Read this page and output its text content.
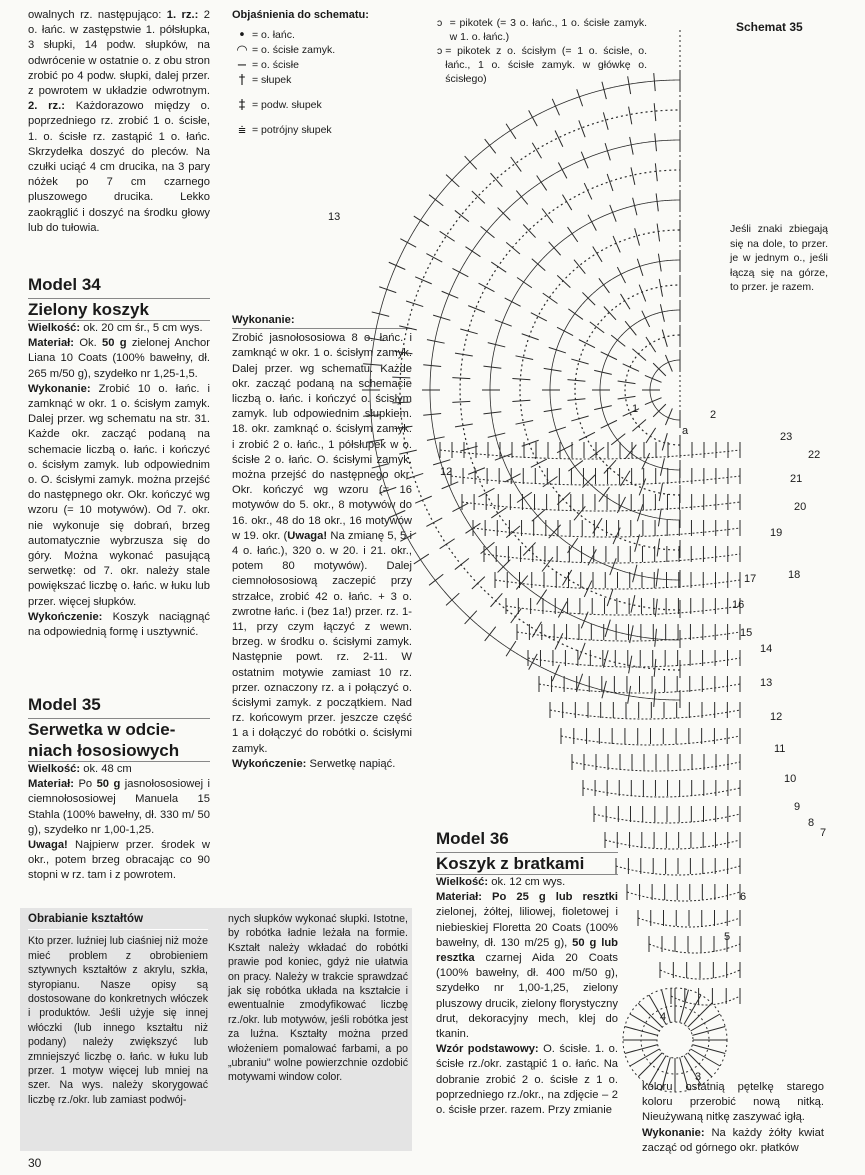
owalnych rz. następująco: 1. rz.: 2 o. łańc. w zastępstwie 1. półsłupka, 3 słupki, 14 podw. słupków, na odwrócenie w ostatnie o. z obu stron zrobić po 4 podw. słupki, dalej przer. z powrotem w układzie odwrotnym. 2. rz.: Każdorazowo między o. poprzedniego rz. zrobić 1 o. ścisłe, 1. o. ścisłe rz. zastąpić 1 o. łańc. Skrzydełka doszyć do pleców. Na czułki uciąć 4 cm drucika, na 3 pary nóżek po 7 cm czarnego pluszowego drucika. Lekko zaokrąglić i doszyć na środku głowy lub do tułowia.

Model 34

Zielony koszyk

Wielkość: ok. 20 cm śr., 5 cm wys.

Materiał: Ok. 50 g zielonej Anchor Liana 10 Coats (100% bawełny, dł. 265 m/50 g), szydełko nr 1,25-1,5.

Wykonanie: Zrobić 10 o. łańc. i zamknąć w okr. 1 o. ścisłym zamyk. Dalej przer. wg schematu na str. 31. Każde okr. zacząć podaną na schemacie liczbą o. łańc. i kończyć o. ścisłym zamyk. lub odpowiednim o. O. ścisłymi zamyk. można przejść do następnego okr. Okr. kończyć wg wzoru (= 10 motywów). Od 7. okr. nie wykonuje się dobrań, brzeg automatycznie wybrzusza się do góry. Można wykonać pasującą serwetkę: od 7. okr. należy stale powiększać liczbę o. łańc. w łuku lub przer. więcej słupków.

Wykończenie: Koszyk naciągnąć na odpowiednią formę i usztywnić.

Model 35

Serwetka w odcie-

niach łososiowych

Wielkość: ok. 48 cm

Materiał: Po 50 g jasnołososiowej i ciemnołososiowej Manuela 15 Stahla (100% bawełny, dł. 330 m/ 50 g), szydełko nr 1,00-1,25.

Uwaga! Najpierw przer. środek w okr., potem brzeg obracając co 90 stopni w rz. tam i z powrotem.

Obrabianie kształtów

Kto przer. luźniej lub ciaśniej niż może mieć problem z obrobieniem sztywnych kształtów z akrylu, szkła, styropianu. Nasze opisy są dostosowane do konkretnych włóczek i produktów. Jeśli użyje się innej włóczki (lub innego kształtu niż podany) należy zwiększyć lub zmniejszyć liczbę o. łańc. w łuku lub przer. 1 motyw więcej lub mniej na szer. Na wys. należy skorygować liczbę rz./okr. lub zamiast podwój-

nych słupków wykonać słupki. Istotne, by robótka ładnie leżała na formie. Kształt należy wkładać do robótki prawie pod koniec, gdyż nie ułatwia on pracy. Należy w trakcie sprawdzać jak się robótka układa na kształcie i ewentualnie zmodyfikować liczbę rz./okr. lub motywów, jeśli robótka jest za luźna. Kształty można przed włożeniem pomalować farbami, a po „ubraniu" wolne powierzchnie ozdobić motywami window color.

Objaśnienia do schematu:

• = o. łańc.
◠ = o. ścisłe zamyk.
− = o. ścisłe
† = słupek
‡ = podw. słupek
⩧ = potrójny słupek

Wykonanie:

Zrobić jasnołososiowa 8 o. łańc. i zamknąć w okr. 1 o. ścisłym zamyk. Dalej przer. wg schematu. Każde okr. zacząć podaną na schemacie liczbą o. łańc. i kończyć o. ścisłym zamyk. lub odpowiednim słupkiem. 18. okr. zamknąć o. ścisłym zamyk. i zrobić 2 o. łańc., 1 półsłupek w o. ścisłe 2 o. łańc. O. ścisłymi zamyk. można przejść do następnego okr. Okr. kończyć wg wzoru (= 16 motywów do 5. okr., 8 motywów do 16. okr., 48 do 18 okr., 16 motywów w 19. okr. (Uwaga! Na zmianę 5, 5 i 4 o. łańc.), 320 o. w 20. i 21. okr., potem 80 motywów). Dalej ciemnołososiową zaczepić przy strzałce, zrobić 42 o. łańc. + 3 o. zwrotne łańc. i (bez 1a!) przer. rz. 1-11, przy czym łączyć z wewn. brzeg. w środku o. ścisłymi zamyk. Następnie powt. rz. 2-11. W ostatnim motywie zamiast 10 rz. przer. oznaczony rz. a i połączyć o. ścisłymi zamyk. z początkiem. Nad rz. końcowym przer. jeszcze część 1 a i dołączyć do robótki o. ścisłymi zamyk.

Wykończenie: Serwetkę napiąć.

ↄ = pikotek (= 3 o. łańc., 1 o. ścisłe zamyk. w 1. o. łańc.)
ↄ = pikotek z o. ścisłym (= 1 o. ścisłe, o. łańc., 1 o. ścisłe zamyk. w główkę o. ścisłego)
Schemat 35
Jeśli znaki zbiegają się na dole, to przer. je w jednym o., jeśli łączą się na górze, to przer. je razem.
23
22
21
20
19
18
17
16
15
14
13
12
11
10
9
8
7
6
5
4
3
2
1
a
13
12

Model 36

Koszyk z bratkami

Wielkość: ok. 12 cm wys.

Materiał: Po 25 g lub resztki zielonej, żółtej, liliowej, fioletowej i niebieskiej Floretta 20 Coats (100% bawełny, dł. 130 m/25 g), 50 g lub resztka czarnej Aida 20 Coats (100% bawełny, dł. 400 m/50 g), szydełko nr 1,00-1,25, zielony pluszowy drucik, zielony florystyczny drut, dekoracyjny mech, klej do tkanin.

Wzór podstawowy: O. ścisłe. 1. o. ścisłe rz./okr. zastąpić 1 o. łańc. Na dobranie zrobić 2 o. ścisłe z 1 o. poprzedniego rz./okr., na zdjęcie – 2 o. ścisłe przer. razem. Przy zmianie

koloru ostatnią pętelkę starego koloru przerobić nową nitką. Nieużywaną nitkę zaszywać igłą.

Wykonanie: Na każdy żółty kwiat zacząć od górnego okr. płatków

30
